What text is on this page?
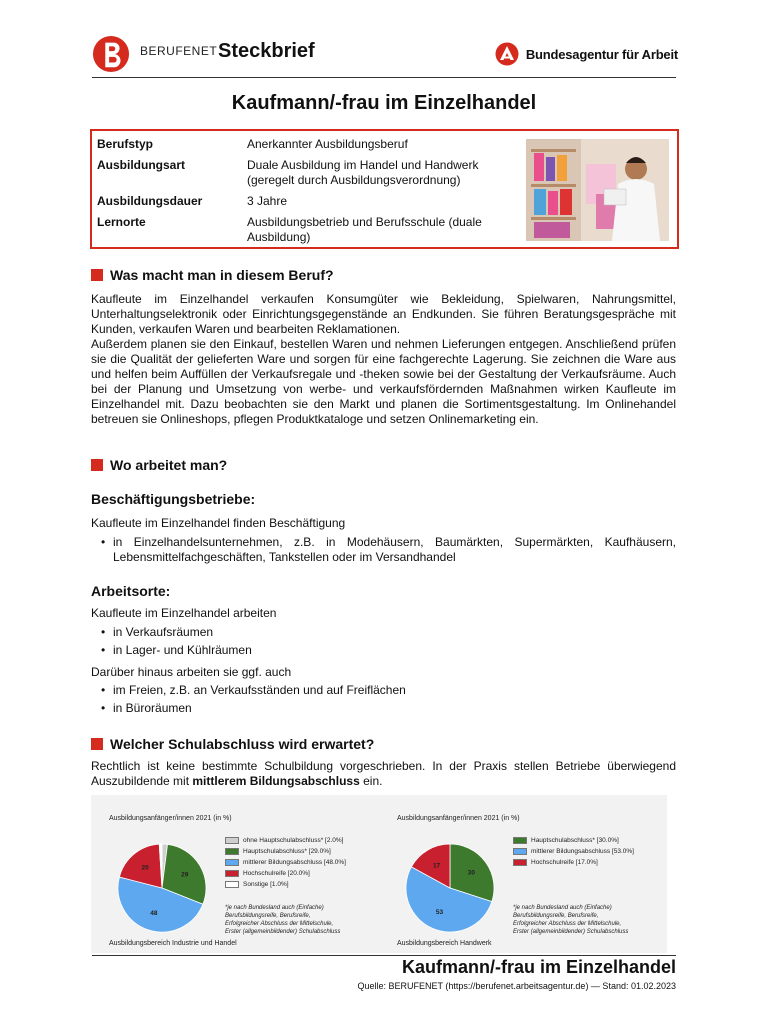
BERUFENET Steckbrief	Bundesagentur für Arbeit
Kaufmann/-frau im Einzelhandel
Berufstyp	Anerkannter Ausbildungsberuf
Ausbildungsart	Duale Ausbildung im Handel und Handwerk (geregelt durch Ausbildungsverordnung)
Ausbildungsdauer	3 Jahre
Lernorte	Ausbildungsbetrieb und Berufsschule (duale Ausbildung)
Was macht man in diesem Beruf?

Kaufleute im Einzelhandel verkaufen Konsumgüter wie Bekleidung, Spielwaren, Nahrungsmittel, Unterhaltungselektronik oder Einrichtungsgegenstände an Endkunden. Sie führen Beratungsgespräche mit Kunden, verkaufen Waren und bearbeiten Reklamationen.

Außerdem planen sie den Einkauf, bestellen Waren und nehmen Lieferungen entgegen. Anschließend prüfen sie die Qualität der gelieferten Ware und sorgen für eine fachgerechte Lagerung. Sie zeichnen die Ware aus und helfen beim Auffüllen der Verkaufsregale und -theken sowie bei der Gestaltung der Verkaufsräume. Auch bei der Planung und Umsetzung von werbe- und verkaufsfördernden Maßnahmen wirken Kaufleute im Einzelhandel mit. Dazu beobachten sie den Markt und planen die Sortimentsgestaltung. Im Onlinehandel betreuen sie Onlineshops, pflegen Produktkataloge und setzen Onlinemarketing ein.

Wo arbeitet man?
Beschäftigungsbetriebe:

Kaufleute im Einzelhandel finden Beschäftigung

• in Einzelhandelsunternehmen, z.B. in Modehäusern, Baumärkten, Supermärkten, Kaufhäusern, Lebensmittelfachgeschäften, Tankstellen oder im Versandhandel

Arbeitsorte:

Kaufleute im Einzelhandel arbeiten

• in Verkaufsräumen

• in Lager- und Kühlräumen

Darüber hinaus arbeiten sie ggf. auch

• im Freien, z.B. an Verkaufsständen und auf Freiflächen

• in Büroräumen

Welcher Schulabschluss wird erwartet?

Rechtlich ist keine bestimmte Schulbildung vorgeschrieben. In der Praxis stellen Betriebe überwiegend Auszubildende mit mittlerem Bildungsabschluss ein.

Ausbildungsanfänger/innen 2021 (in %)
29
48
20
ohne Hauptschulabschluss* [2.0%]
Hauptschulabschluss* [29.0%]
mittlerer Bildungsabschluss [48.0%]
Hochschulreife [20.0%]
Sonstige [1.0%]
*je nach Bundesland auch (Einfache)
Berufsbildungsreife, Berufsreife,
Erfolgreicher Abschluss der Mittelschule,
Erster (allgemeinbildender) Schulabschluss
Ausbildungsbereich Industrie und Handel
Ausbildungsanfänger/innen 2021 (in %)
30
53
17
Hauptschulabschluss* [30.0%]
mittlerer Bildungsabschluss [53.0%]
Hochschulreife [17.0%]
*je nach Bundesland auch (Einfache)
Berufsbildungsreife, Berufsreife,
Erfolgreicher Abschluss der Mittelschule,
Erster (allgemeinbildender) Schulabschluss
Ausbildungsbereich Handwerk
Kaufmann/-frau im Einzelhandel
Quelle: BERUFENET (https://berufenet.arbeitsagentur.de) — Stand: 01.02.2023
